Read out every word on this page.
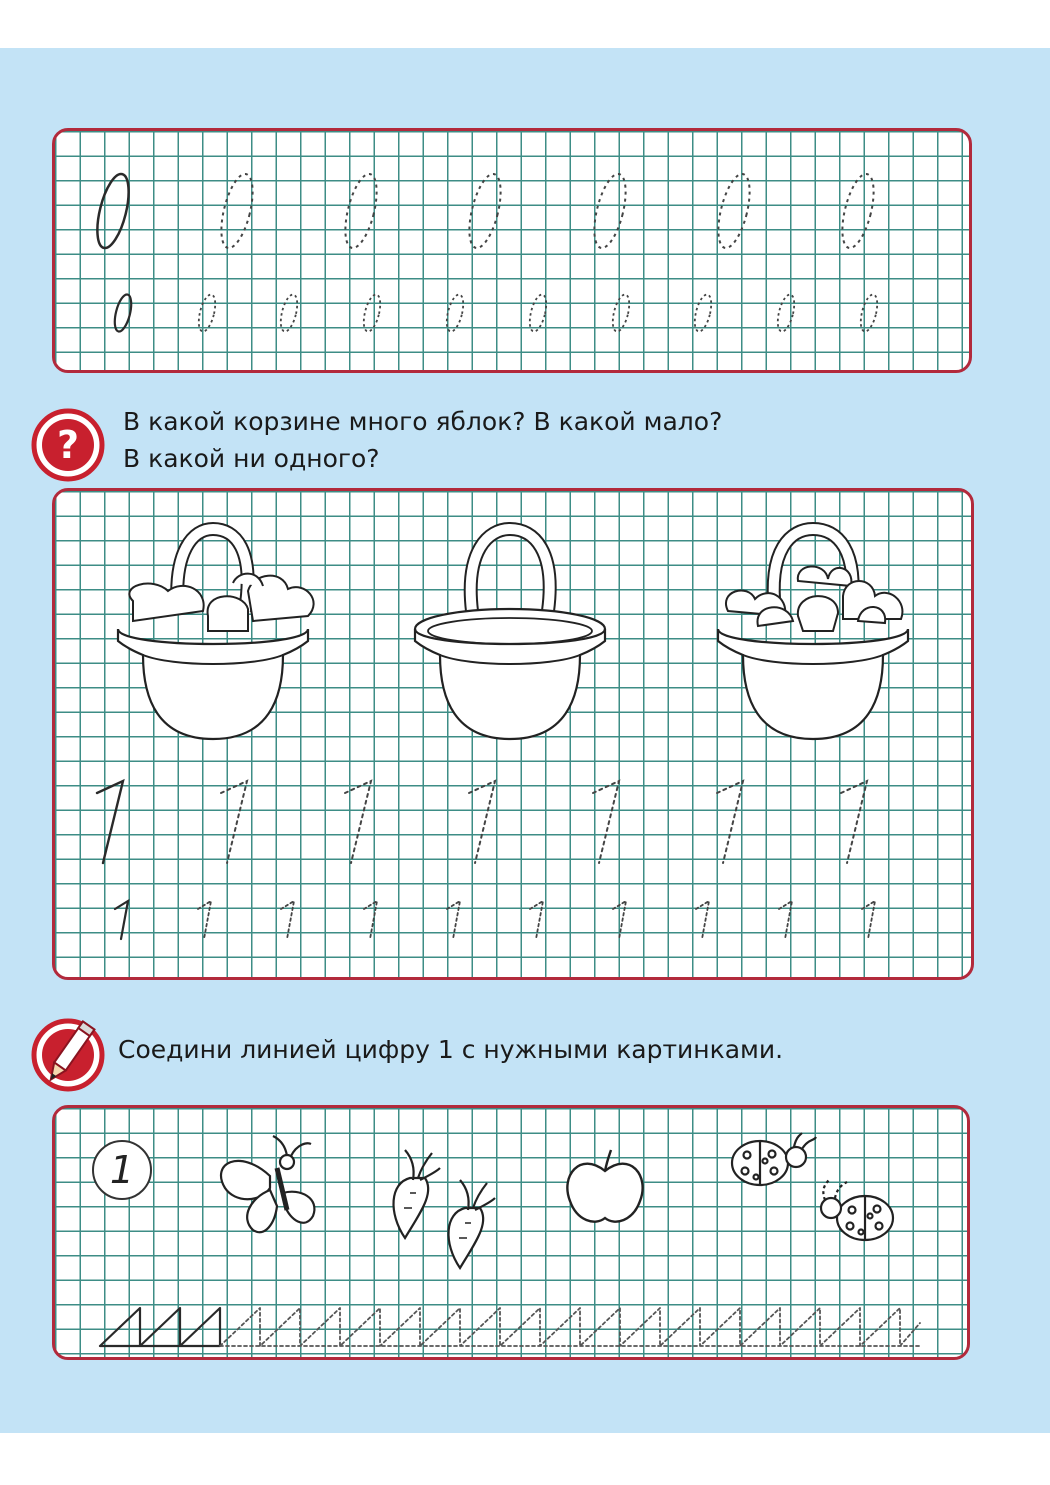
?
В какой корзине много яблок? В какой мало?
В какой ни одного?
Соедини линией цифру 1 с нужными картинками.
1
